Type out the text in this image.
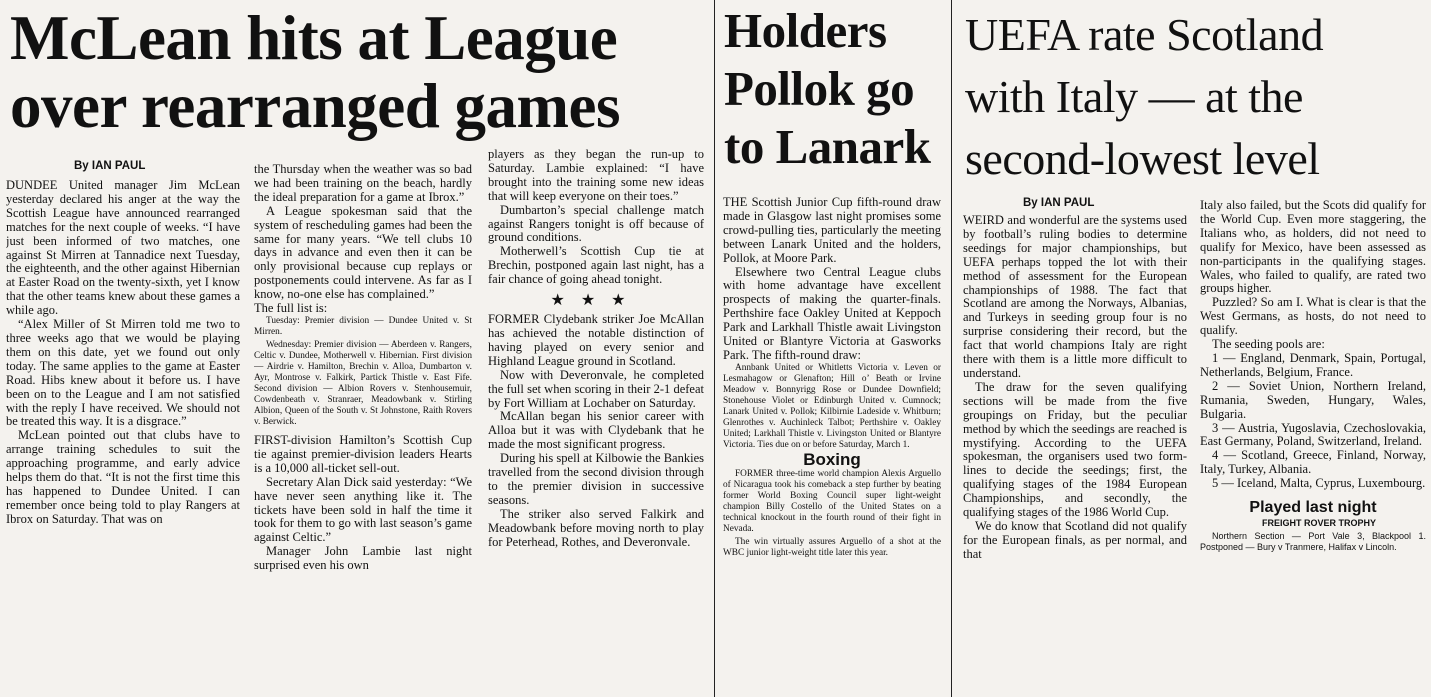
McLean hits at League
over rearranged games

By IAN PAUL

DUNDEE United manager Jim McLean yesterday declared his anger at the way the Scottish League have announced rearranged matches for the next couple of weeks. “I have just been informed of two matches, one against St Mirren at Tannadice next Tuesday, the eighteenth, and the other against Hibernian at Easter Road on the twenty-sixth, yet I know that the other teams knew about these games a while ago.

“Alex Miller of St Mirren told me two to three weeks ago that we would be playing them on this date, yet we found out only today. The same applies to the game at Easter Road. Hibs knew about it before us. I have been on to the League and I am not satisfied with the reply I have received. We should not be treated this way. It is a disgrace.”

McLean pointed out that clubs have to arrange training schedules to suit the approaching programme, and early advice helps them do that. “It is not the first time this has happened to Dundee United. I can remember once being told to play Rangers at Ibrox on Saturday. That was on

the Thursday when the weather was so bad we had been training on the beach, hardly the ideal preparation for a game at Ibrox.”

A League spokesman said that the system of rescheduling games had been the same for many years. “We tell clubs 10 days in advance and even then it can be only provisional because cup replays or postponements could intervene. As far as I know, no-one else has complained.”

The full list is:

Tuesday: Premier division — Dundee United v. St Mirren.

Wednesday: Premier division — Aberdeen v. Rangers, Celtic v. Dundee, Motherwell v. Hibernian. First division — Airdrie v. Hamilton, Brechin v. Alloa, Dumbarton v. Ayr, Montrose v. Falkirk, Partick Thistle v. East Fife. Second division — Albion Rovers v. Stenhousemuir, Cowdenbeath v. Stranraer, Meadowbank v. Stirling Albion, Queen of the South v. St Johnstone, Raith Rovers v. Berwick.

FIRST-division Hamilton’s Scottish Cup tie against premier-division leaders Hearts is a 10,000 all-ticket sell-out.

Secretary Alan Dick said yesterday: “We have never seen anything like it. The tickets have been sold in half the time it took for them to go with last season’s game against Celtic.”

Manager John Lambie last night surprised even his own

players as they began the run-up to Saturday. Lambie explained: “I have brought into the training some new ideas that will keep everyone on their toes.”

Dumbarton’s special challenge match against Rangers tonight is off because of ground conditions.

Motherwell’s Scottish Cup tie at Brechin, postponed again last night, has a fair chance of going ahead tonight.

★★★

FORMER Clydebank striker Joe McAllan has achieved the notable distinction of having played on every senior and Highland League ground in Scotland.

Now with Deveronvale, he completed the full set when scoring in their 2-1 defeat by Fort William at Lochaber on Saturday.

McAllan began his senior career with Alloa but it was with Clydebank that he made the most significant progress.

During his spell at Kilbowie the Bankies travelled from the second division through to the premier division in successive seasons.

The striker also served Falkirk and Meadowbank before moving north to play for Peterhead, Rothes, and Deveronvale.

Holders
Pollok go
to Lanark

THE Scottish Junior Cup fifth-round draw made in Glasgow last night promises some crowd-pulling ties, particularly the meeting between Lanark United and the holders, Pollok, at Moore Park.

Elsewhere two Central League clubs with home advantage have excellent prospects of making the quarter-finals. Perthshire face Oakley United at Keppoch Park and Larkhall Thistle await Livingston United or Blantyre Victoria at Gasworks Park. The fifth-round draw:

Annbank United or Whitletts Victoria v. Leven or Lesmahagow or Glenafton; Hill o’ Beath or Irvine Meadow v. Bonnyrigg Rose or Dundee Downfield; Stonehouse Violet or Edinburgh United v. Cumnock; Lanark United v. Pollok; Kilbirnie Ladeside v. Whitburn; Glenrothes v. Auchinleck Talbot; Perthshire v. Oakley United; Larkhall Thistle v. Livingston United or Blantyre Victoria. Ties due on or before Saturday, March 1.

Boxing

FORMER three-time world champion Alexis Arguello of Nicaragua took his comeback a step further by beating former World Boxing Council super light-weight champion Billy Costello of the United States on a technical knockout in the fourth round of their fight in Nevada.

The win virtually assures Arguello of a shot at the WBC junior light-weight title later this year.

UEFA rate Scotland
with Italy — at the
second-lowest level

By IAN PAUL

WEIRD and wonderful are the systems used by football’s ruling bodies to determine seedings for major championships, but UEFA perhaps topped the lot with their method of assessment for the European championships of 1988. The fact that Scotland are among the Norways, Albanias, and Turkeys in seeding group four is no surprise considering their record, but the fact that world champions Italy are right there with them is a little more difficult to understand.

The draw for the seven qualifying sections will be made from the five groupings on Friday, but the peculiar method by which the seedings are reached is mystifying. According to the UEFA spokesman, the organisers used two form-lines to decide the seedings; first, the qualifying stages of the 1984 European Championships, and secondly, the qualifying stages of the 1986 World Cup.

We do know that Scotland did not qualify for the European finals, as per normal, and that

Italy also failed, but the Scots did qualify for the World Cup. Even more staggering, the Italians who, as holders, did not need to qualify for Mexico, have been assessed as non-participants in the qualifying stages. Wales, who failed to qualify, are rated two groups higher.

Puzzled? So am I. What is clear is that the West Germans, as hosts, do not need to qualify.

The seeding pools are:

1 — England, Denmark, Spain, Portugal, Netherlands, Belgium, France.

2 — Soviet Union, Northern Ireland, Rumania, Sweden, Hungary, Wales, Bulgaria.

3 — Austria, Yugoslavia, Czechoslovakia, East Germany, Poland, Switzerland, Ireland.

4 — Scotland, Greece, Finland, Norway, Italy, Turkey, Albania.

5 — Iceland, Malta, Cyprus, Luxembourg.

Played last night

FREIGHT ROVER TROPHY

Northern Section — Port Vale 3, Blackpool 1. Postponed — Bury v Tranmere, Halifax v Lincoln.
